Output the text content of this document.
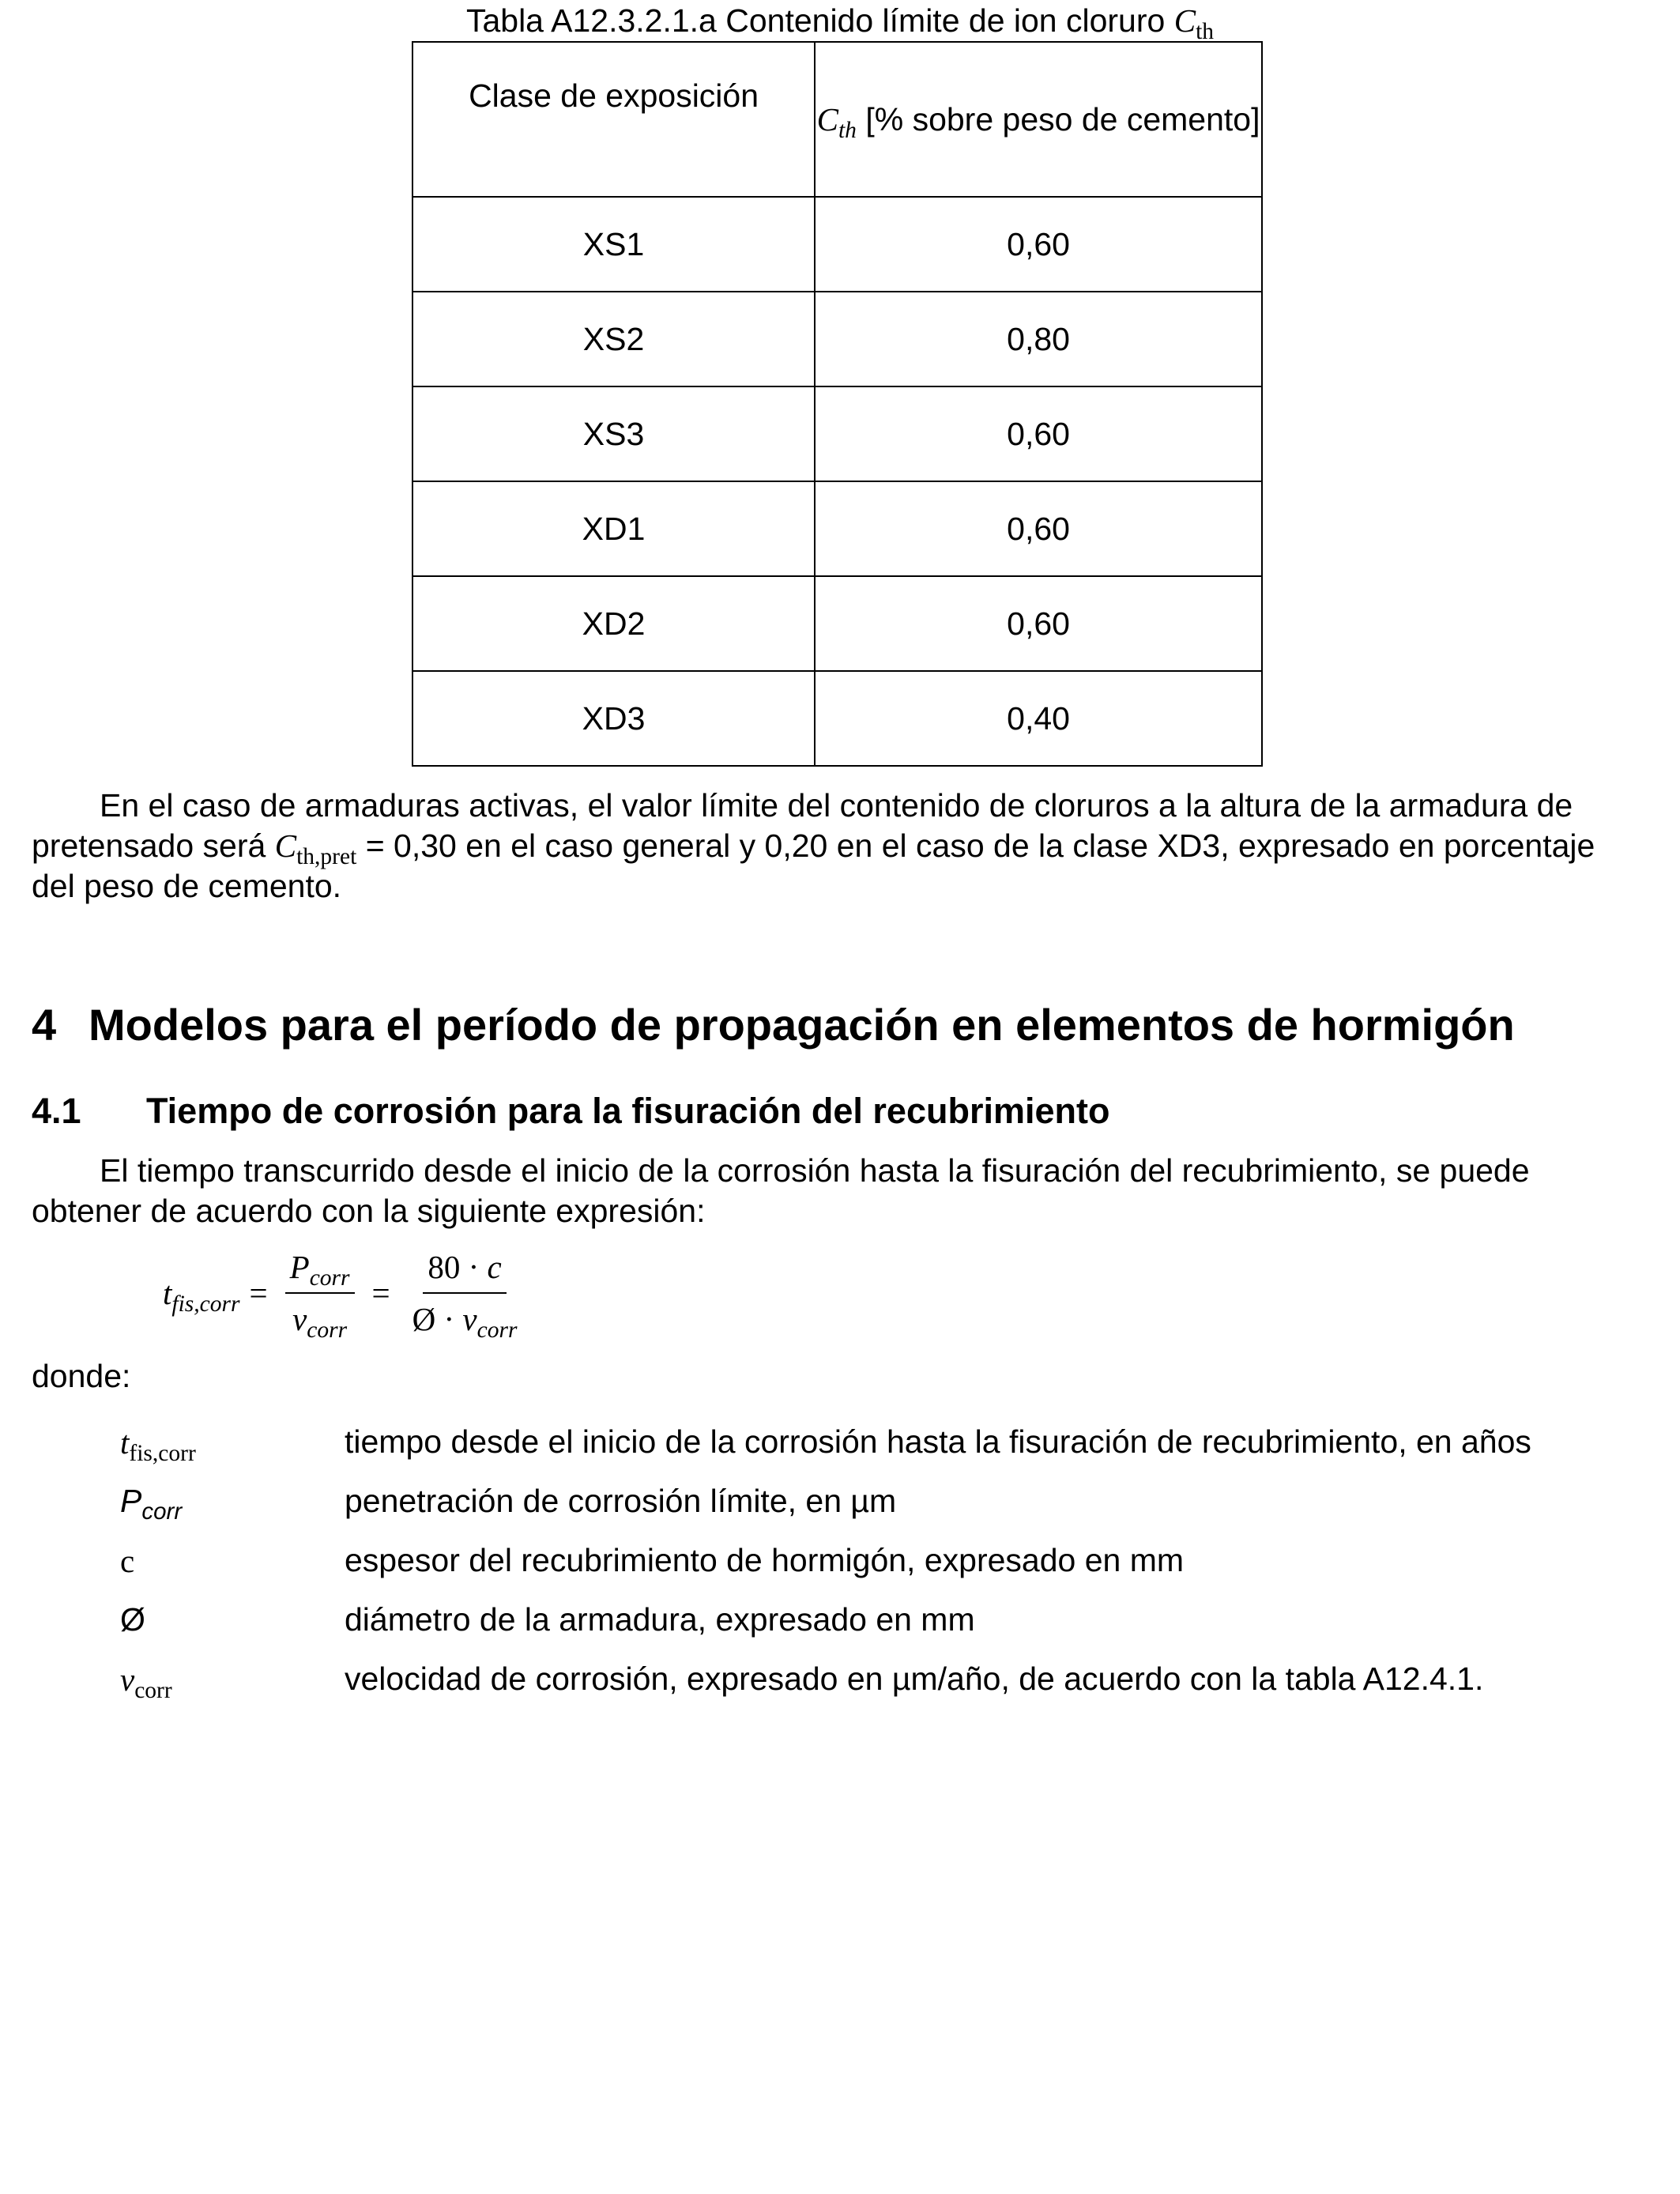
Tabla A12.3.2.1.a Contenido límite de ion cloruro $C_{th}$
Clase de exposición	$C_{th}$ [% sobre peso de cemento]
XS1	0,60
XS2	0,80
XS3	0,60
XD1	0,60
XD2	0,60
XD3	0,40
En el caso de armaduras activas, el valor límite del contenido de cloruros a la altura de la armadura de pretensado será $C_{th,pret} = 0,30$ en el caso general y 0,20 en el caso de la clase XD3, expresado en porcentaje del peso de cemento.
4 Modelos para el período de propagación en elementos de hormigón
4.1 Tiempo de corrosión para la fisuración del recubrimiento
El tiempo transcurrido desde el inicio de la corrosión hasta la fisuración del recubrimiento, se puede obtener de acuerdo con la siguiente expresión:
$t_{fis,corr} = \frac{P_{corr}}{v_{corr}} = \frac{80 \cdot c}{Ø \cdot v_{corr}}$
donde:
$t_{fis,corr}$	tiempo desde el inicio de la corrosión hasta la fisuración de recubrimiento, en años
$P_{corr}$	penetración de corrosión límite, en µm
c	espesor del recubrimiento de hormigón, expresado en mm
Ø	diámetro de la armadura, expresado en mm
$v_{corr}$	velocidad de corrosión, expresado en µm/año, de acuerdo con la tabla A12.4.1.
